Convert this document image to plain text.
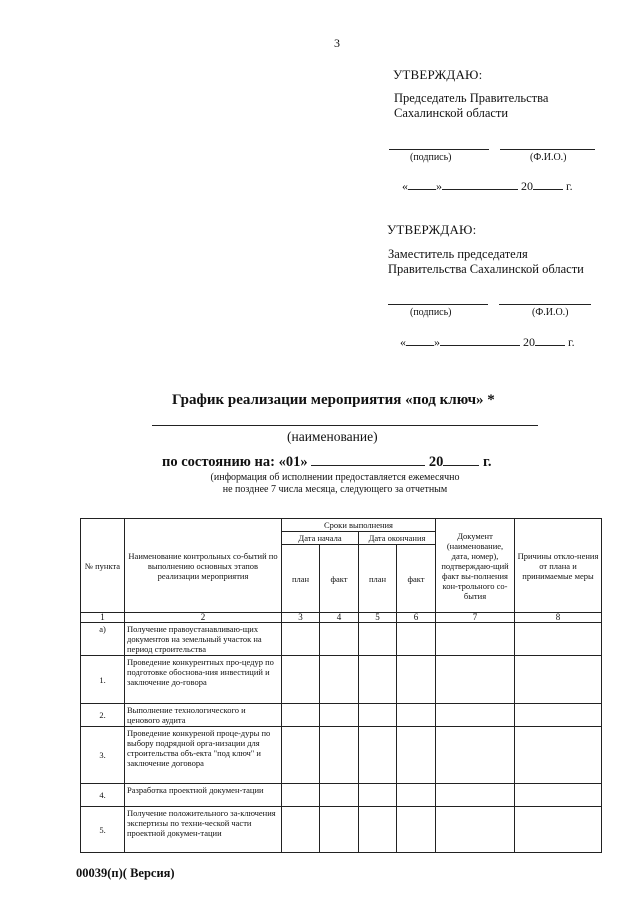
3
УТВЕРЖДАЮ:
Председатель Правительства
Сахалинской области
(подпись)	(Ф.И.О.)
« »	20	г.
УТВЕРЖДАЮ:
Заместитель председателя
Правительства Сахалинской области
(подпись)	(Ф.И.О.)
« »	20	г.
График реализации мероприятия «под ключ» *
(наименование)
по состоянию на: «01»	20	г.
(информация об исполнении предоставляется ежемесячно
не позднее 7 числа месяца, следующего за отчетным
№ пункта	Наименование контрольных со-бытий по выполнению основных этапов реализации мероприятия	Сроки выполнения				Документ (наименование, дата, номер), подтверждаю-щий факт вы-полнения кон-трольного со-бытия	Причины откло-нения от плана и принимаемые меры
		Дата начала		Дата окончания			
		план	факт	план	факт		
1	2	3	4	5	6	7	8
а)	Получение правоустанавливаю-щих документов на земельный участок на период строительства						
1.	Проведение конкурентных про-цедур по подготовке обоснова-ния инвестиций и заключение до-говора						
2.	Выполнение технологического и ценового аудита						
3.	Проведение конкуреной проце-дуры по выбору подрядной орга-низации для строительства объ-екта "под ключ" и заключение договора						
4.	Разработка проектной докумен-тации						
5.	Получение положительного за-ключения экспертизы по техни-ческой части проектной докумен-тации						
00039(п)( Версия)
